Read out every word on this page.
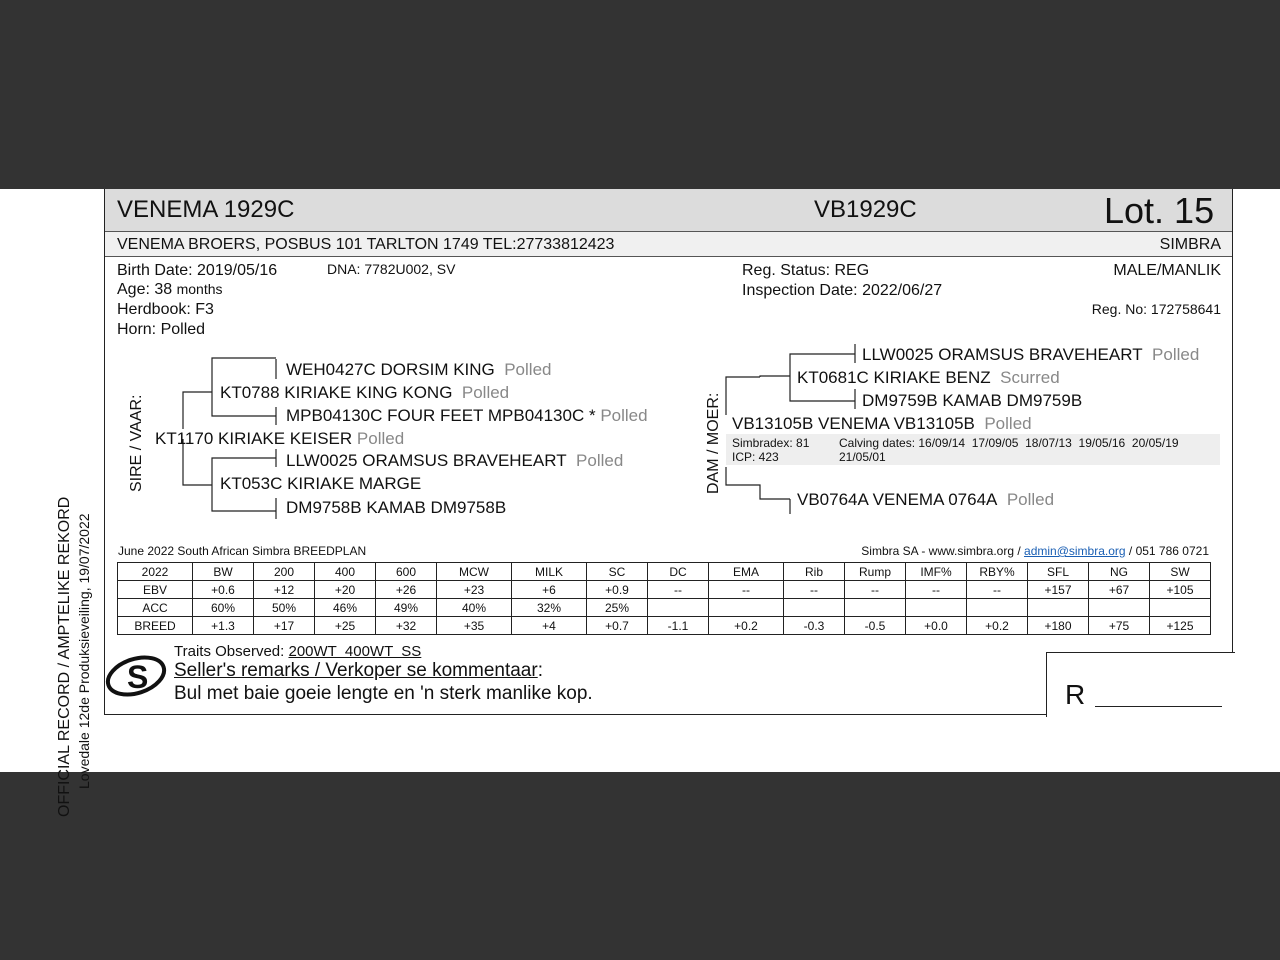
OFFICIAL RECORD / AMPTELIKE REKORD Lovedale 12de Produksieveiling, 19/07/2022
VENEMA 1929C	VB1929C	Lot. 15
VENEMA BROERS, POSBUS 101 TARLTON 1749 TEL:27733812423	SIMBRA
Birth Date: 2019/05/16	DNA: 7782U002, SV
Age: 38 months
Herdbook: F3
Horn: Polled
Reg. Status: REG
Inspection Date: 2022/06/27
MALE/MANLIK
Reg. No: 172758641
SIRE / VAAR:	DAM / MOER:
WEH0427C DORSIM KING Polled
KT0788 KIRIAKE KING KONG Polled
MPB04130C FOUR FEET MPB04130C * Polled
KT1170 KIRIAKE KEISER Polled
LLW0025 ORAMSUS BRAVEHEART Polled
KT053C KIRIAKE MARGE
DM9758B KAMAB DM9758B
LLW0025 ORAMSUS BRAVEHEART Polled
KT0681C KIRIAKE BENZ Scurred
DM9759B KAMAB DM9759B
VB13105B VENEMA VB13105B Polled
Simbradex: 81
ICP: 423
Calving dates: 16/09/14  17/09/05  18/07/13  19/05/16  20/05/19
21/05/01
VB0764A VENEMA 0764A Polled
June 2022 South African Simbra BREEDPLAN	Simbra SA - www.simbra.org / admin@simbra.org / 051 786 0721
2022	BW	200	400	600	MCW	MILK	SC	DC	EMA	Rib	Rump	IMF%	RBY%	SFL	NG	SW
EBV	+0.6	+12	+20	+26	+23	+6	+0.9	--	--	--	--	--	--	+157	+67	+105
ACC	60%	50%	46%	49%	40%	32%	25%									
BREED	+1.3	+17	+25	+32	+35	+4	+0.7	-1.1	+0.2	-0.3	-0.5	+0.0	+0.2	+180	+75	+125
S
Traits Observed: 200WT  400WT  SS
Seller's remarks / Verkoper se kommentaar:
Bul met baie goeie lengte en 'n sterk manlike kop.	R
